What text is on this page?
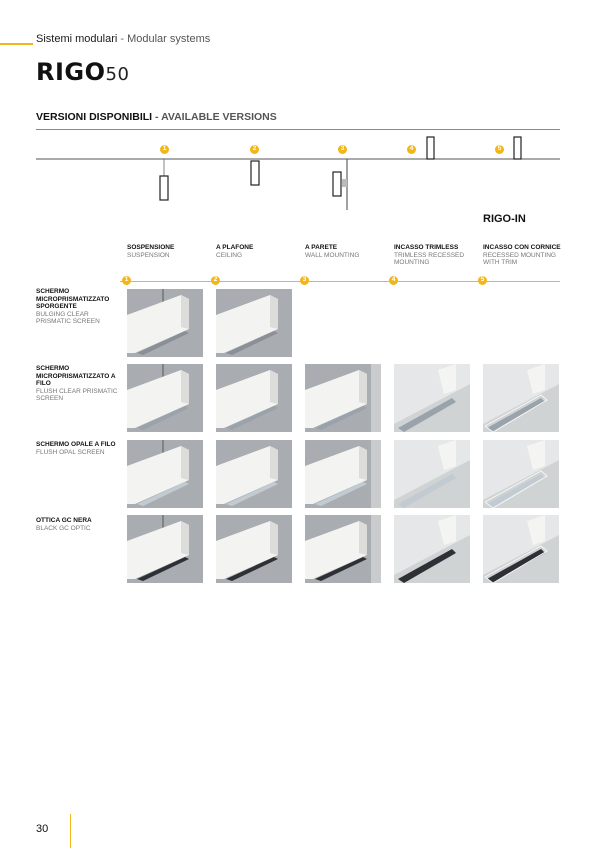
Sistemi modulari - Modular systems
RIGO50
VERSIONI DISPONIBILI - AVAILABLE VERSIONS
1	2	3	4	5
RIGO-IN
SOSPENSIONE
SUSPENSION
A PLAFONE
CEILING
A PARETE
WALL MOUNTING
INCASSO TRIMLESS
TRIMLESS RECESSED MOUNTING
INCASSO CON CORNICE
RECESSED MOUNTING WITH TRIM
1	2	3	4	5
SCHERMO MICROPRISMATIZZATO SPORGENTE
BULGING CLEAR PRISMATIC SCREEN
SCHERMO MICROPRISMATIZZATO A FILO
FLUSH CLEAR PRISMATIC SCREEN
SCHERMO OPALE A FILO
FLUSH OPAL SCREEN
OTTICA GC NERA
BLACK GC OPTIC
30
